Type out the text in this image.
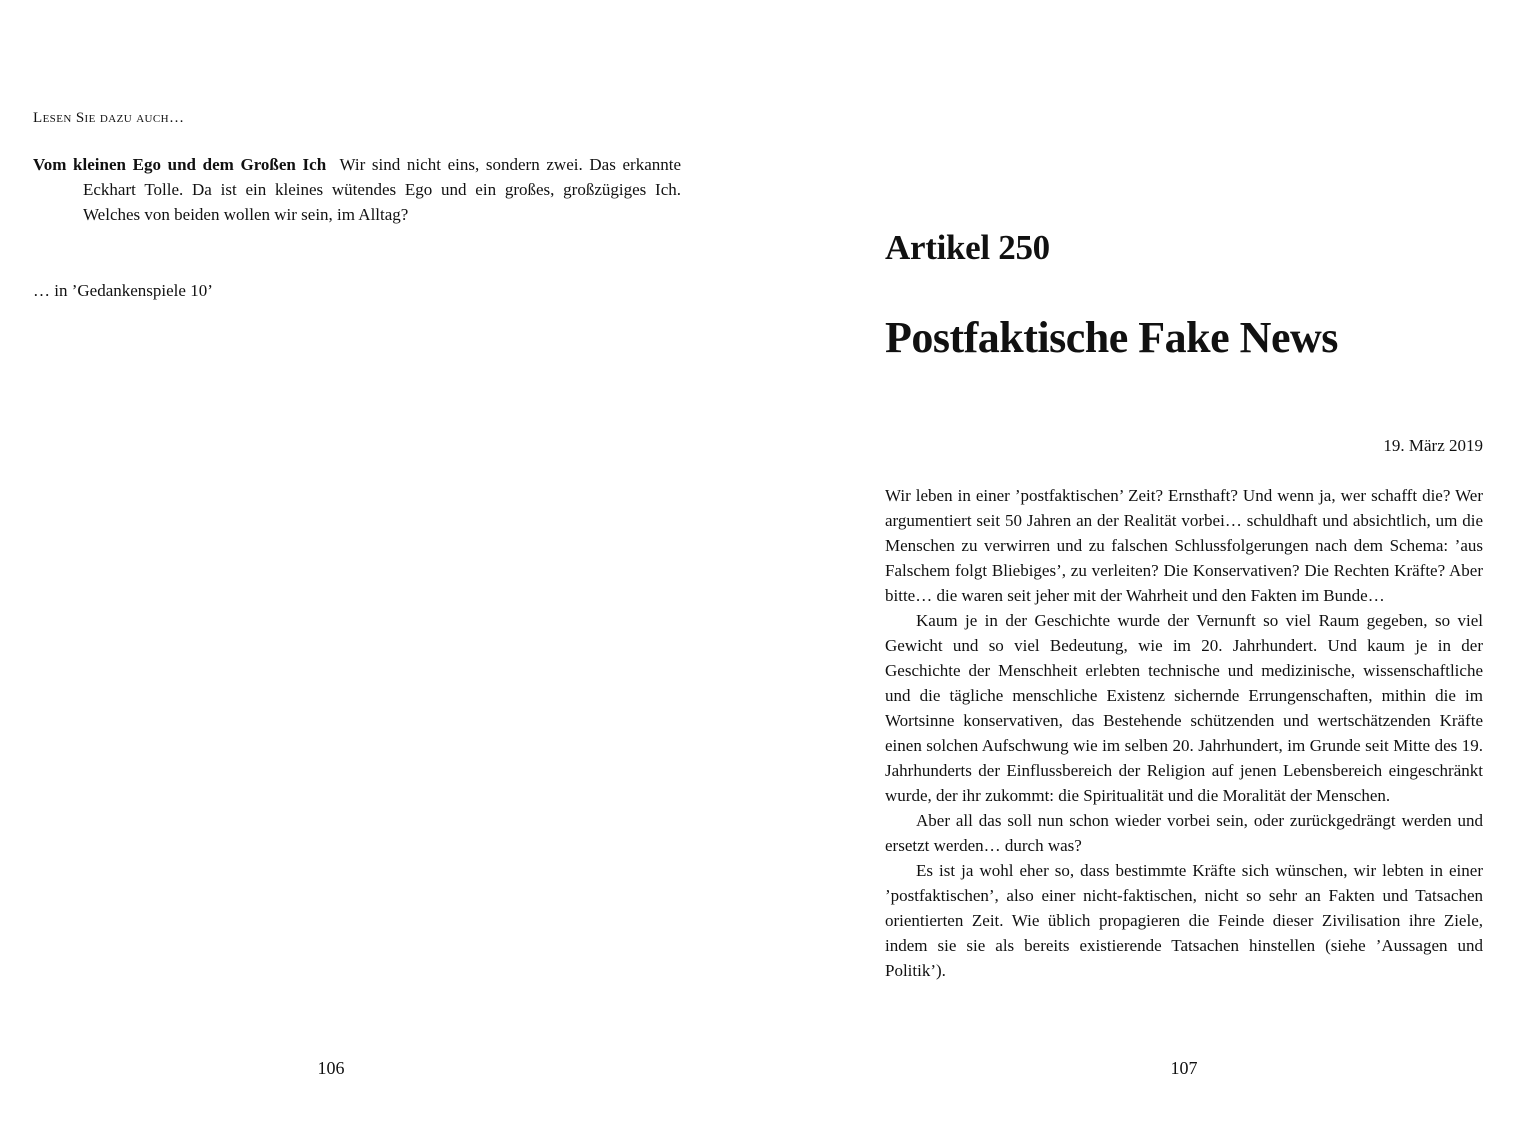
Lesen Sie dazu auch…
Vom kleinen Ego und dem Großen Ich Wir sind nicht eins, sondern zwei. Das erkannte Eckhart Tolle. Da ist ein kleines wütendes Ego und ein großes, großzügiges Ich. Welches von beiden wollen wir sein, im Alltag?
… in ’Gedankenspiele 10’
106
Artikel 250
Postfaktische Fake News
19. März 2019

Wir leben in einer ’postfaktischen’ Zeit? Ernsthaft? Und wenn ja, wer schafft die? Wer argumentiert seit 50 Jahren an der Realität vorbei… schuldhaft und absichtlich, um die Menschen zu verwirren und zu falschen Schlussfolgerungen nach dem Schema: ’aus Falschem folgt Bliebiges’, zu verleiten? Die Konservativen? Die Rechten Kräfte? Aber bitte… die waren seit jeher mit der Wahrheit und den Fakten im Bunde…

Kaum je in der Geschichte wurde der Vernunft so viel Raum gegeben, so viel Gewicht und so viel Bedeutung, wie im 20. Jahrhundert. Und kaum je in der Geschichte der Menschheit erlebten technische und medizinische, wissenschaftliche und die tägliche menschliche Existenz sichernde Errungenschaften, mithin die im Wortsinne konservativen, das Bestehende schützenden und wertschätzenden Kräfte einen solchen Aufschwung wie im selben 20. Jahrhundert, im Grunde seit Mitte des 19. Jahrhunderts der Einflussbereich der Religion auf jenen Lebensbereich eingeschränkt wurde, der ihr zukommt: die Spiritualität und die Moralität der Menschen.

Aber all das soll nun schon wieder vorbei sein, oder zurückgedrängt werden und ersetzt werden… durch was?

Es ist ja wohl eher so, dass bestimmte Kräfte sich wünschen, wir lebten in einer ’postfaktischen’, also einer nicht-faktischen, nicht so sehr an Fakten und Tatsachen orientierten Zeit. Wie üblich propagieren die Feinde dieser Zivilisation ihre Ziele, indem sie sie als bereits existierende Tatsachen hinstellen (siehe ’Aussagen und Politik’).

107
